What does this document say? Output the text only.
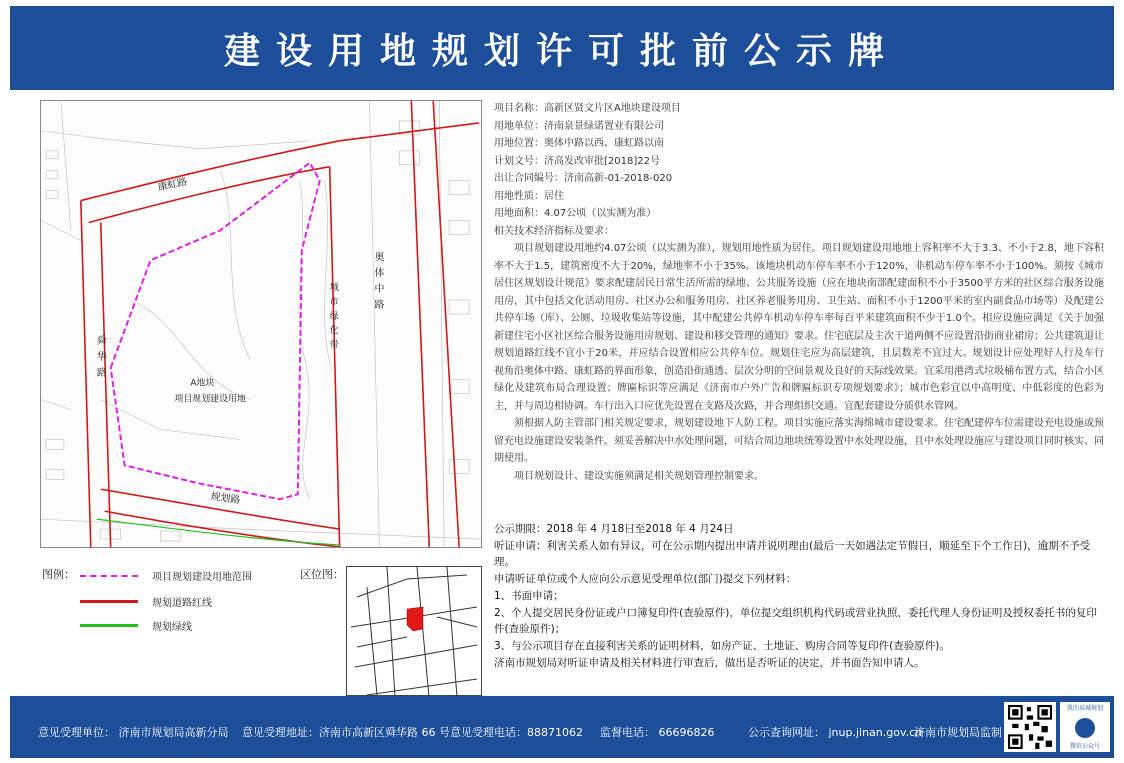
建设用地规划许可批前公示牌
康虹路
奥体中路
城市绿化带
舜华路
规划路
A地块
项目规划建设用地
项目名称：高新区贤文片区A地块建设项目
用地单位：济南泉景绿诺置业有限公司
用地位置：奥体中路以西、康虹路以南
计划文号：济高发改审批[2018]22号
出让合同编号：济南高新-01-2018-020
用地性质：居住
用地面积：4.07公顷（以实测为准）
相关技术经济指标及要求：
项目规划建设用地约4.07公顷（以实测为准），规划用地性质为居住。项目规划建设用地地上容积率不大于3.3、不小于2.8，地下容积率不大于1.5，建筑密度不大于20%，绿地率不小于35%。该地块机动车停车率不小于120%，非机动车停车率不小于100%。须按《城市居住区规划设计规范》要求配建居民日常生活所需的绿地、公共服务设施（应在地块南部配建面积不小于3500平方米的社区综合服务设施用房，其中包括文化活动用房、社区办公和服务用房、社区养老服务用房、卫生站、面积不小于1200平米的室内副食品市场等）及配建公共停车场（库）、公厕、垃圾收集站等设施，其中配建公共停车机动车停车率每百平米建筑面积不少于1.0个。相应设施应满足《关于加强新建住宅小区社区综合服务设施用房规划、建设和移交管理的通知》要求。住宅底层及主次干道两侧不应设置沿街商业裙房；公共建筑退让规划道路红线不宜小于20米，并应结合设置相应公共停车位。规划住宅应为高层建筑，且层数差不宜过大。规划设计应处理好人行及车行视角沿奥体中路、康虹路的界面形象，创造沿街通透、层次分明的空间景观及良好的天际线效果。宜采用港湾式垃圾桶布置方式，结合小区绿化及建筑布局合理设置；牌匾标识等应满足《济南市户外广告和牌匾标识专项规划要求》；城市色彩宜以中高明度、中低彩度的色彩为主，并与周边相协调。车行出入口应优先设置在支路及次路，并合理组织交通。宜配套建设分质供水管网。
须根据人防主管部门相关规定要求，规划建设地下人防工程。项目实施应落实海绵城市建设要求。住宅配建停车位需建设充电设施或预留充电设施建设安装条件。须妥善解决中水处理问题，可结合周边地块统筹设置中水处理设施，且中水处理设施应与建设项目同时核实、同期使用。
项目规划设计、建设实施须满足相关规划管理控制要求。
公示期限：2018 年 4 月18日至2018 年 4 月24日
听证申请：利害关系人如有异议，可在公示期内提出申请并说明理由(最后一天如遇法定节假日，顺延至下个工作日)，逾期不予受理。
申请听证单位或个人应向公示意见受理单位(部门)提交下列材料：
1、书面申请；
2、个人提交居民身份证或户口簿复印件(查验原件)，单位提交组织机构代码或营业执照，委托代理人身份证明及授权委托书的复印件(查验原件)；
3、与公示项目存在直接利害关系的证明材料，如房产证、土地证、购房合同等复印件(查验原件)。
济南市规划局对听证申请及相关材料进行审查后，做出是否听证的决定，并书面告知申请人。
图例：	项目规划建设用地范围
规划道路红线
规划绿线
区位图：
意见受理单位： 济南市规划局高新分局 意见受理地址：济南市高新区舜华路 66 号 意见受理电话：88871062 监督电话： 66696826	公示查询网址： jnup.jinan.gov.cn
济南市规划局监制
我的泉城规划
微信公众号
